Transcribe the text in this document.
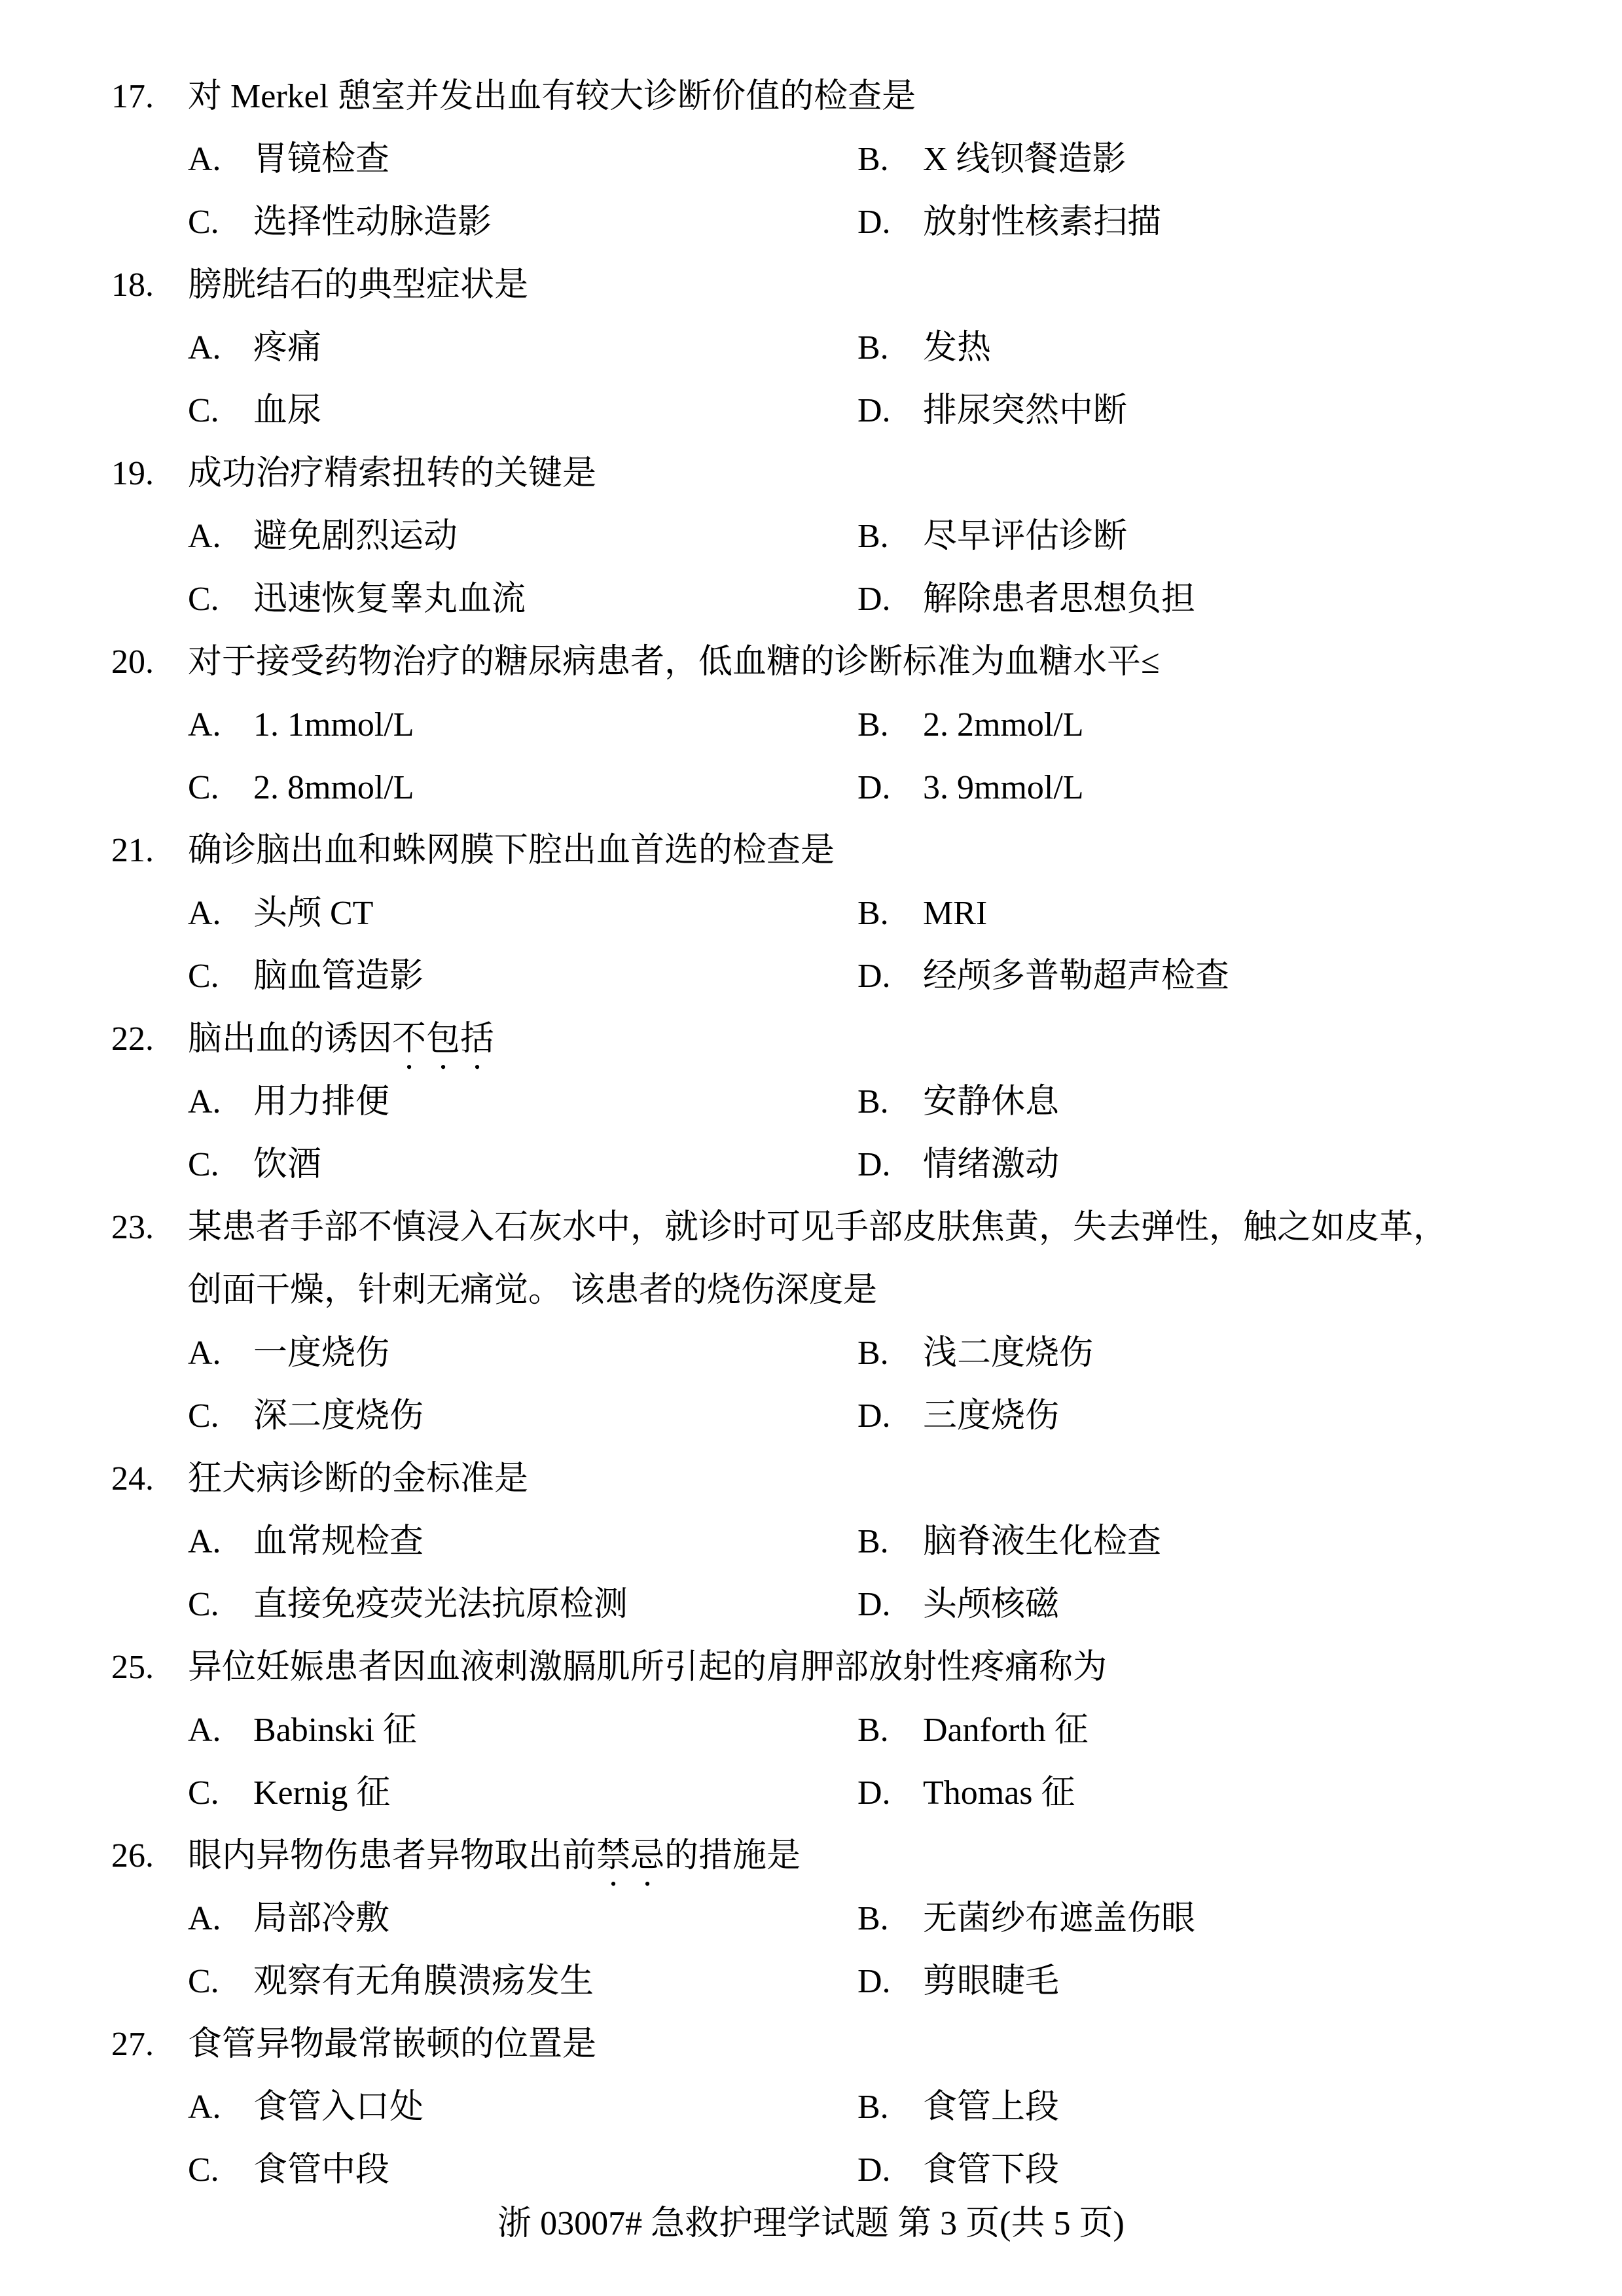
17. 对 Merkel 憩室并发出血有较大诊断价值的检查是
A. 胃镜检查	B. X 线钡餐造影
C. 选择性动脉造影	D. 放射性核素扫描
18. 膀胱结石的典型症状是
A. 疼痛	B. 发热
C. 血尿	D. 排尿突然中断
19. 成功治疗精索扭转的关键是
A. 避免剧烈运动	B. 尽早评估诊断
C. 迅速恢复睾丸血流	D. 解除患者思想负担
20. 对于接受药物治疗的糖尿病患者，低血糖的诊断标准为血糖水平≤
A. 1. 1mmol/L	B. 2. 2mmol/L
C. 2. 8mmol/L	D. 3. 9mmol/L
21. 确诊脑出血和蛛网膜下腔出血首选的检查是
A. 头颅 CT	B. MRI
C. 脑血管造影	D. 经颅多普勒超声检查
22. 脑出血的诱因不包括
A. 用力排便	B. 安静休息
C. 饮酒	D. 情绪激动
23. 某患者手部不慎浸入石灰水中，就诊时可见手部皮肤焦黄，失去弹性，触之如皮革，
创面干燥，针刺无痛觉。 该患者的烧伤深度是
A. 一度烧伤	B. 浅二度烧伤
C. 深二度烧伤	D. 三度烧伤
24. 狂犬病诊断的金标准是
A. 血常规检查	B. 脑脊液生化检查
C. 直接免疫荧光法抗原检测	D. 头颅核磁
25. 异位妊娠患者因血液刺激膈肌所引起的肩胛部放射性疼痛称为
A. Babinski 征	B. Danforth 征
C. Kernig 征	D. Thomas 征
26. 眼内异物伤患者异物取出前禁忌的措施是
A. 局部冷敷	B. 无菌纱布遮盖伤眼
C. 观察有无角膜溃疡发生	D. 剪眼睫毛
27. 食管异物最常嵌顿的位置是
A. 食管入口处	B. 食管上段
C. 食管中段	D. 食管下段
浙 03007# 急救护理学试题 第 3 页(共 5 页)
